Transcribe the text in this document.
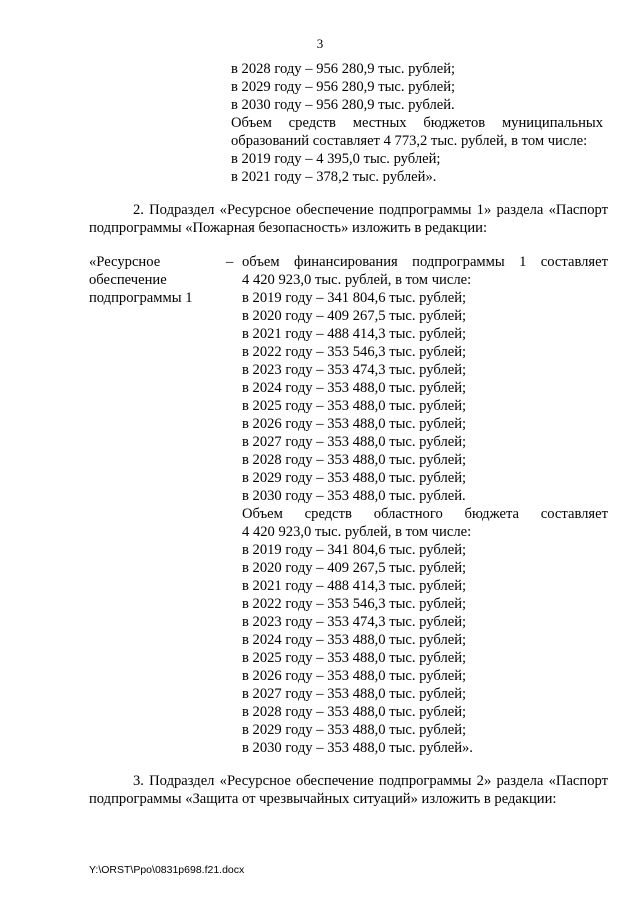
3
в 2028 году – 956 280,9 тыс. рублей;
в 2029 году – 956 280,9 тыс. рублей;
в 2030 году – 956 280,9 тыс. рублей.
Объем средств местных бюджетов муниципальных
образований составляет 4 773,2 тыс. рублей, в том числе:
в 2019 году – 4 395,0 тыс. рублей;
в 2021 году – 378,2 тыс. рублей».
2. Подраздел «Ресурсное обеспечение подпрограммы 1» раздела «Паспорт
подпрограммы «Пожарная безопасность» изложить в редакции:
«Ресурсное
обеспечение
подпрограммы 1
– объем финансирования подпрограммы 1 составляет
4 420 923,0 тыс. рублей, в том числе:
в 2019 году – 341 804,6 тыс. рублей;
в 2020 году – 409 267,5 тыс. рублей;
в 2021 году – 488 414,3 тыс. рублей;
в 2022 году – 353 546,3 тыс. рублей;
в 2023 году – 353 474,3 тыс. рублей;
в 2024 году – 353 488,0 тыс. рублей;
в 2025 году – 353 488,0 тыс. рублей;
в 2026 году – 353 488,0 тыс. рублей;
в 2027 году – 353 488,0 тыс. рублей;
в 2028 году – 353 488,0 тыс. рублей;
в 2029 году – 353 488,0 тыс. рублей;
в 2030 году – 353 488,0 тыс. рублей.
Объем средств областного бюджета составляет
4 420 923,0 тыс. рублей, в том числе:
в 2019 году – 341 804,6 тыс. рублей;
в 2020 году – 409 267,5 тыс. рублей;
в 2021 году – 488 414,3 тыс. рублей;
в 2022 году – 353 546,3 тыс. рублей;
в 2023 году – 353 474,3 тыс. рублей;
в 2024 году – 353 488,0 тыс. рублей;
в 2025 году – 353 488,0 тыс. рублей;
в 2026 году – 353 488,0 тыс. рублей;
в 2027 году – 353 488,0 тыс. рублей;
в 2028 году – 353 488,0 тыс. рублей;
в 2029 году – 353 488,0 тыс. рублей;
в 2030 году – 353 488,0 тыс. рублей».
3. Подраздел «Ресурсное обеспечение подпрограммы 2» раздела «Паспорт
подпрограммы «Защита от чрезвычайных ситуаций» изложить в редакции:
Y:\ORST\Ppo\0831p698.f21.docx
